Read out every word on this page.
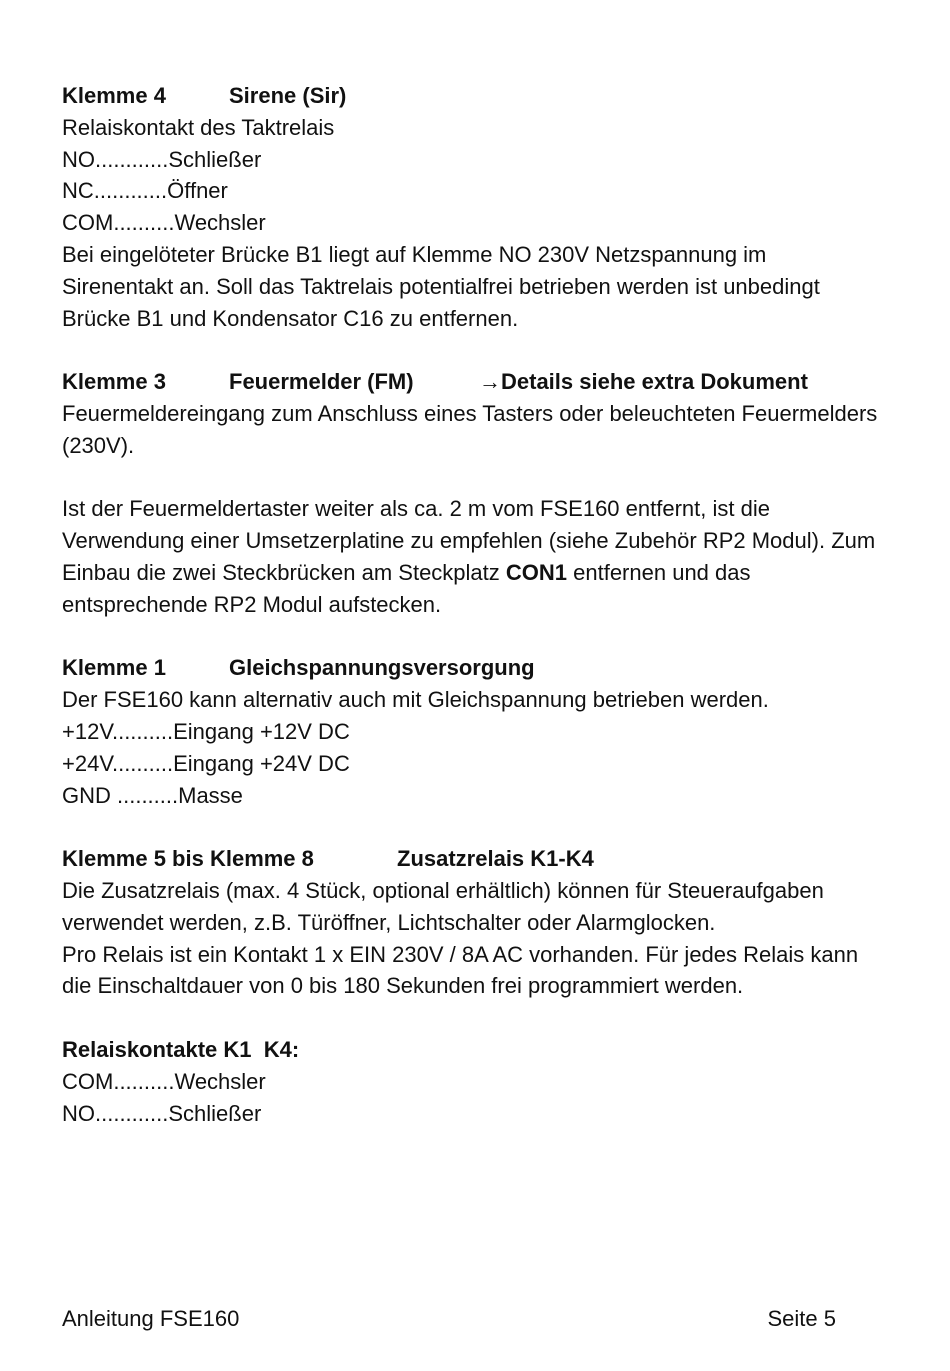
Klemme 4	Sirene (Sir)
Relaiskontakt des Taktrelais
NO............Schließer
NC............Öffner
COM..........Wechsler
Bei eingelöteter Brücke B1 liegt auf Klemme NO 230V Netzspannung im Sirenentakt an. Soll das Taktrelais potentialfrei betrieben werden ist unbedingt Brücke B1 und Kondensator C16 zu entfernen.
Klemme 3	Feuermelder (FM)	→Details siehe extra Dokument
Feuermeldereingang zum Anschluss eines Tasters oder beleuchteten Feuermelders (230V).
Ist der Feuermeldertaster weiter als ca. 2 m vom FSE160 entfernt, ist die Verwendung einer Umsetzerplatine zu empfehlen (siehe Zubehör RP2 Modul). Zum Einbau die zwei Steckbrücken am Steckplatz CON1 entfernen und das entsprechende RP2 Modul aufstecken.
Klemme 1	Gleichspannungsversorgung
Der FSE160 kann alternativ auch mit Gleichspannung betrieben werden.
+12V..........Eingang +12V DC
+24V..........Eingang +24V DC
GND ..........Masse
Klemme 5 bis Klemme 8	Zusatzrelais K1-K4
Die Zusatzrelais (max. 4 Stück, optional erhältlich) können für Steueraufgaben verwendet werden, z.B. Türöffner, Lichtschalter oder Alarmglocken.
Pro Relais ist ein Kontakt 1 x EIN 230V / 8A AC vorhanden. Für jedes Relais kann die Einschaltdauer von 0 bis 180 Sekunden frei programmiert werden.
Relaiskontakte K1  K4:
COM..........Wechsler
NO............Schließer
Anleitung FSE160	Seite 5
